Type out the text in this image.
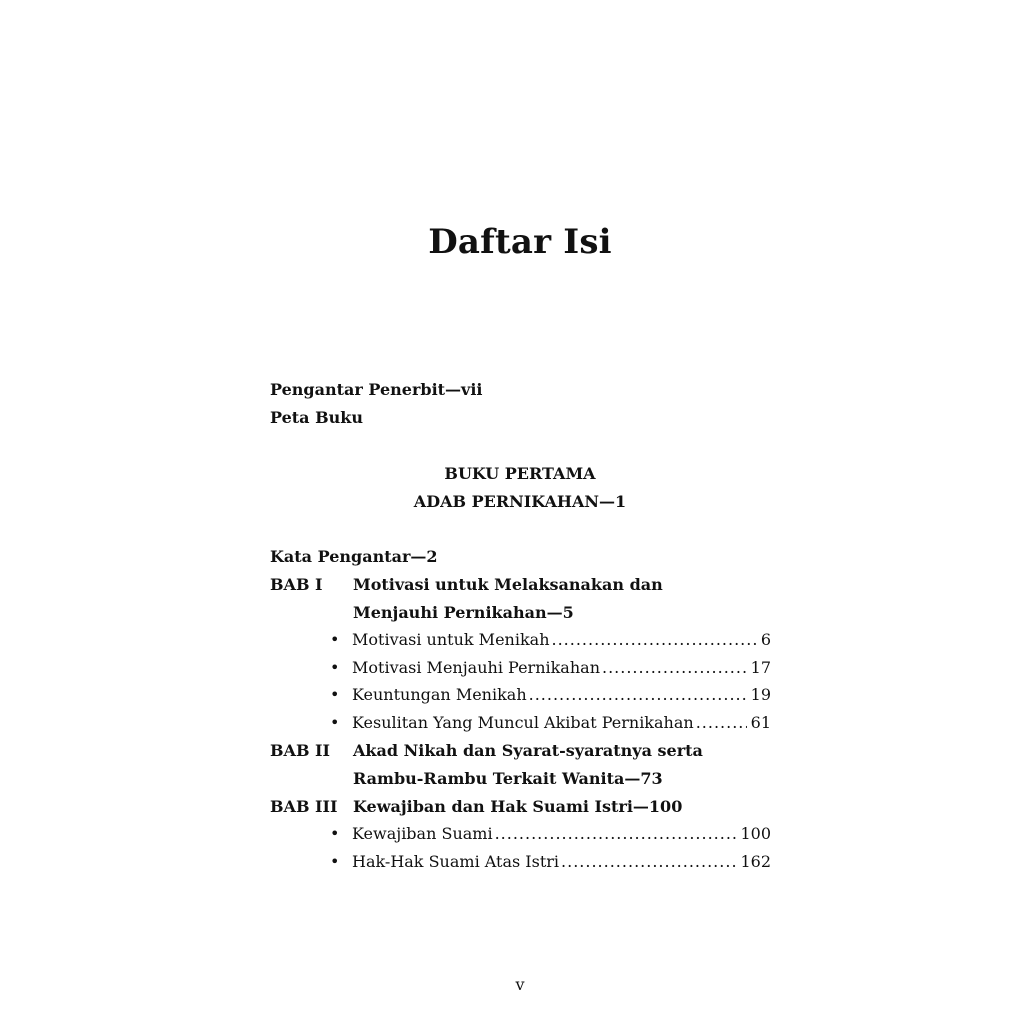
Daftar Isi
Pengantar Penerbit—vii
Peta Buku
BUKU PERTAMA
ADAB PERNIKAHAN—1
Kata Pengantar—2
BAB I Motivasi untuk Melaksanakan dan
Menjauhi Pernikahan—5
• Motivasi untuk Menikah .....	6
• Motivasi Menjauhi Pernikahan .....	17
• Keuntungan Menikah .....	19
• Kesulitan Yang Muncul Akibat Pernikahan .....	61
BAB II Akad Nikah dan Syarat-syaratnya serta
Rambu-Rambu Terkait Wanita—73
BAB III Kewajiban dan Hak Suami Istri—100
• Kewajiban Suami .....	100
• Hak-Hak Suami Atas Istri .....	162
v
